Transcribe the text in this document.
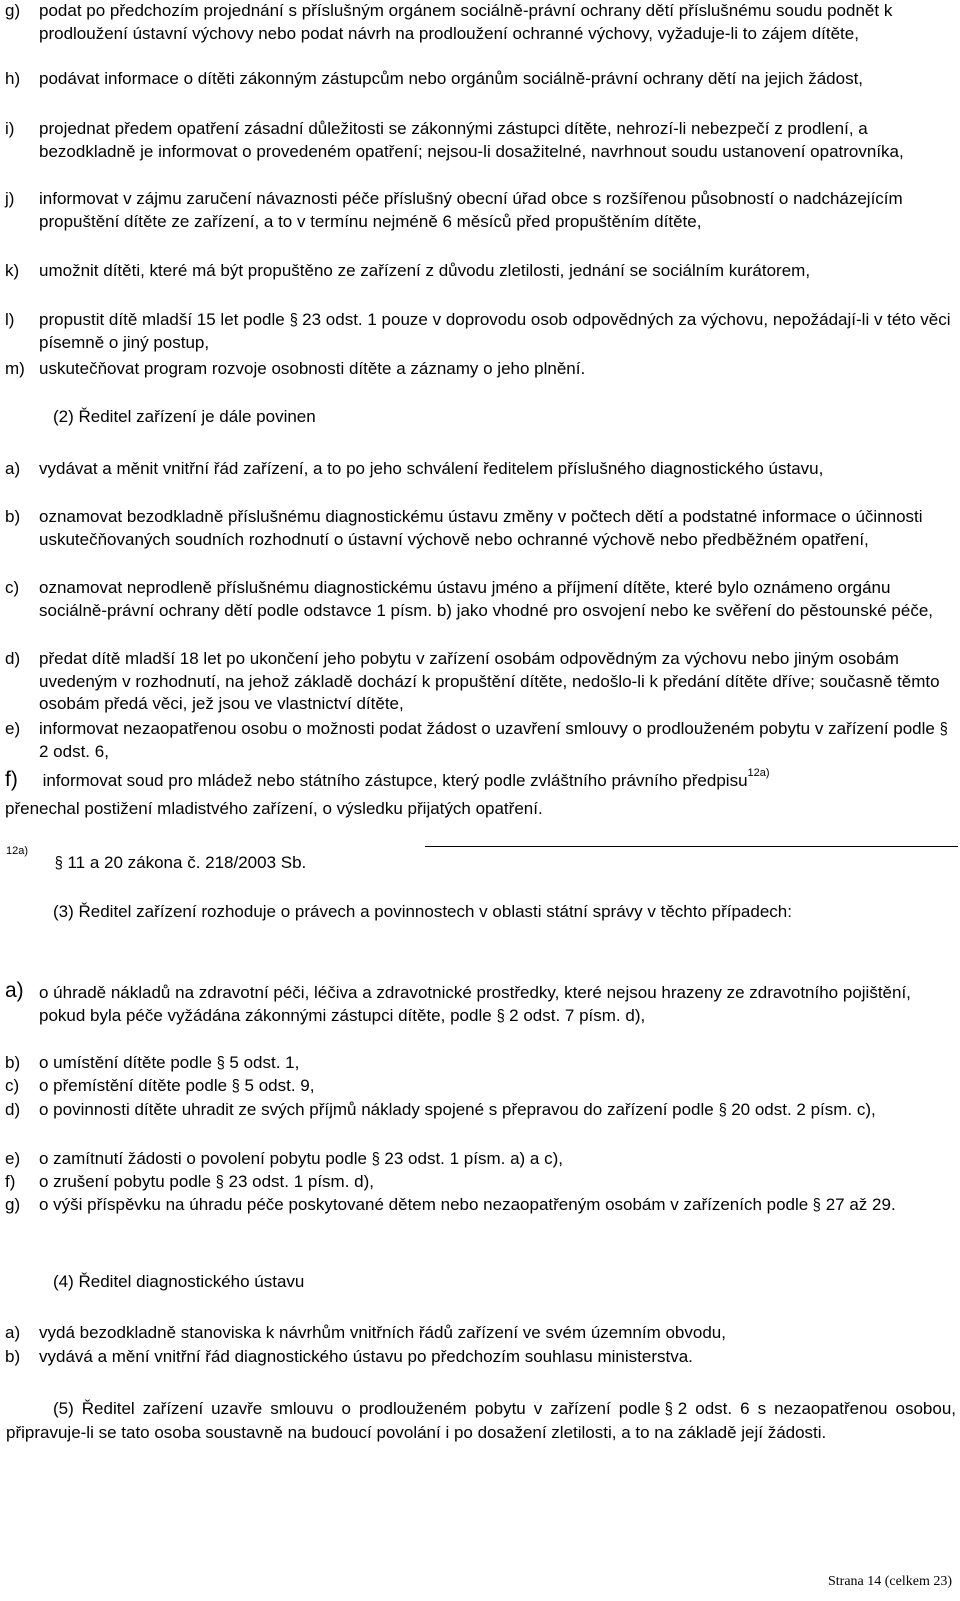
g)	podat po předchozím projednání s příslušným orgánem sociálně-právní ochrany dětí příslušnému soudu podnět k prodloužení ústavní výchovy nebo podat návrh na prodloužení ochranné výchovy, vyžaduje-li to zájem dítěte,
h)	podávat informace o dítěti zákonným zástupcům nebo orgánům sociálně-právní ochrany dětí na jejich žádost,
i)	projednat předem opatření zásadní důležitosti se zákonnými zástupci dítěte, nehrozí-li nebezpečí z prodlení, a bezodkladně je informovat o provedeném opatření; nejsou-li dosažitelné, navrhnout soudu ustanovení opatrovníka,
j)	informovat v zájmu zaručení návaznosti péče příslušný obecní úřad obce s rozšířenou působností o nadcházejícím propuštění dítěte ze zařízení, a to v termínu nejméně 6 měsíců před propuštěním dítěte,
k)	umožnit dítěti, které má být propuštěno ze zařízení z důvodu zletilosti, jednání se sociálním kurátorem,
l)	propustit dítě mladší 15 let podle § 23 odst. 1 pouze v doprovodu osob odpovědných za výchovu, nepožádají-li v této věci písemně o jiný postup,
m) uskutečňovat program rozvoje osobnosti dítěte a záznamy o jeho plnění.
(2) Ředitel zařízení je dále povinen
a)	vydávat a měnit vnitřní řád zařízení, a to po jeho schválení ředitelem příslušného diagnostického ústavu,
b)	oznamovat bezodkladně příslušnému diagnostickému ústavu změny v počtech dětí a podstatné informace o účinnosti uskutečňovaných soudních rozhodnutí o ústavní výchově nebo ochranné výchově nebo předběžném opatření,
c)	oznamovat neprodleně příslušnému diagnostickému ústavu jméno a příjmení dítěte, které bylo oznámeno orgánu sociálně-právní ochrany dětí podle odstavce 1 písm. b) jako vhodné pro osvojení nebo ke svěření do pěstounské péče,
d)	předat dítě mladší 18 let po ukončení jeho pobytu v zařízení osobám odpovědným za výchovu nebo jiným osobám uvedeným v rozhodnutí, na jehož základě dochází k propuštění dítěte, nedošlo-li k předání dítěte dříve; současně těmto osobám předá věci, jež jsou ve vlastnictví dítěte,
e)	informovat nezaopatřenou osobu o možnosti podat žádost o uzavření smlouvy o prodlouženém pobytu v zařízení podle §2 odst. 6,
f) informovat soud pro mládež nebo státního zástupce, který podle zvláštního právního předpisu$^{12a)}$
přenechal postižení mladistvého zařízení, o výsledku přijatých opatření.
12a)
§ 11 a 20 zákona č. 218/2003 Sb.
(3) Ředitel zařízení rozhoduje o právech a povinnostech v oblasti státní správy v těchto případech:
a) o úhradě nákladů na zdravotní péči, léčiva a zdravotnické prostředky, které nejsou hrazeny ze zdravotního pojištění, pokud byla péče vyžádána zákonnými zástupci dítěte, podle § 2 odst. 7 písm. d),
b)	o umístění dítěte podle § 5 odst. 1,
c)	o přemístění dítěte podle § 5 odst. 9,
d)	o povinnosti dítěte uhradit ze svých příjmů náklady spojené s přepravou do zařízení podle § 20 odst. 2 písm. c),
e)	o zamítnutí žádosti o povolení pobytu podle § 23 odst. 1 písm. a) a c),
f)	o zrušení pobytu podle § 23 odst. 1 písm. d),
g)	o výši příspěvku na úhradu péče poskytované dětem nebo nezaopatřeným osobám v zařízeních podle § 27 až 29.
(4) Ředitel diagnostického ústavu
a)	vydá bezodkladně stanoviska k návrhům vnitřních řádů zařízení ve svém územním obvodu,
b)	vydává a mění vnitřní řád diagnostického ústavu po předchozím souhlasu ministerstva.
(5) Ředitel zařízení uzavře smlouvu o prodlouženém pobytu v zařízení podle § 2 odst. 6 s nezaopatřenou osobou, připravuje-li se tato osoba soustavně na budoucí povolání i po dosažení zletilosti, a to na základě její žádosti.
Strana 14 (celkem 23)
